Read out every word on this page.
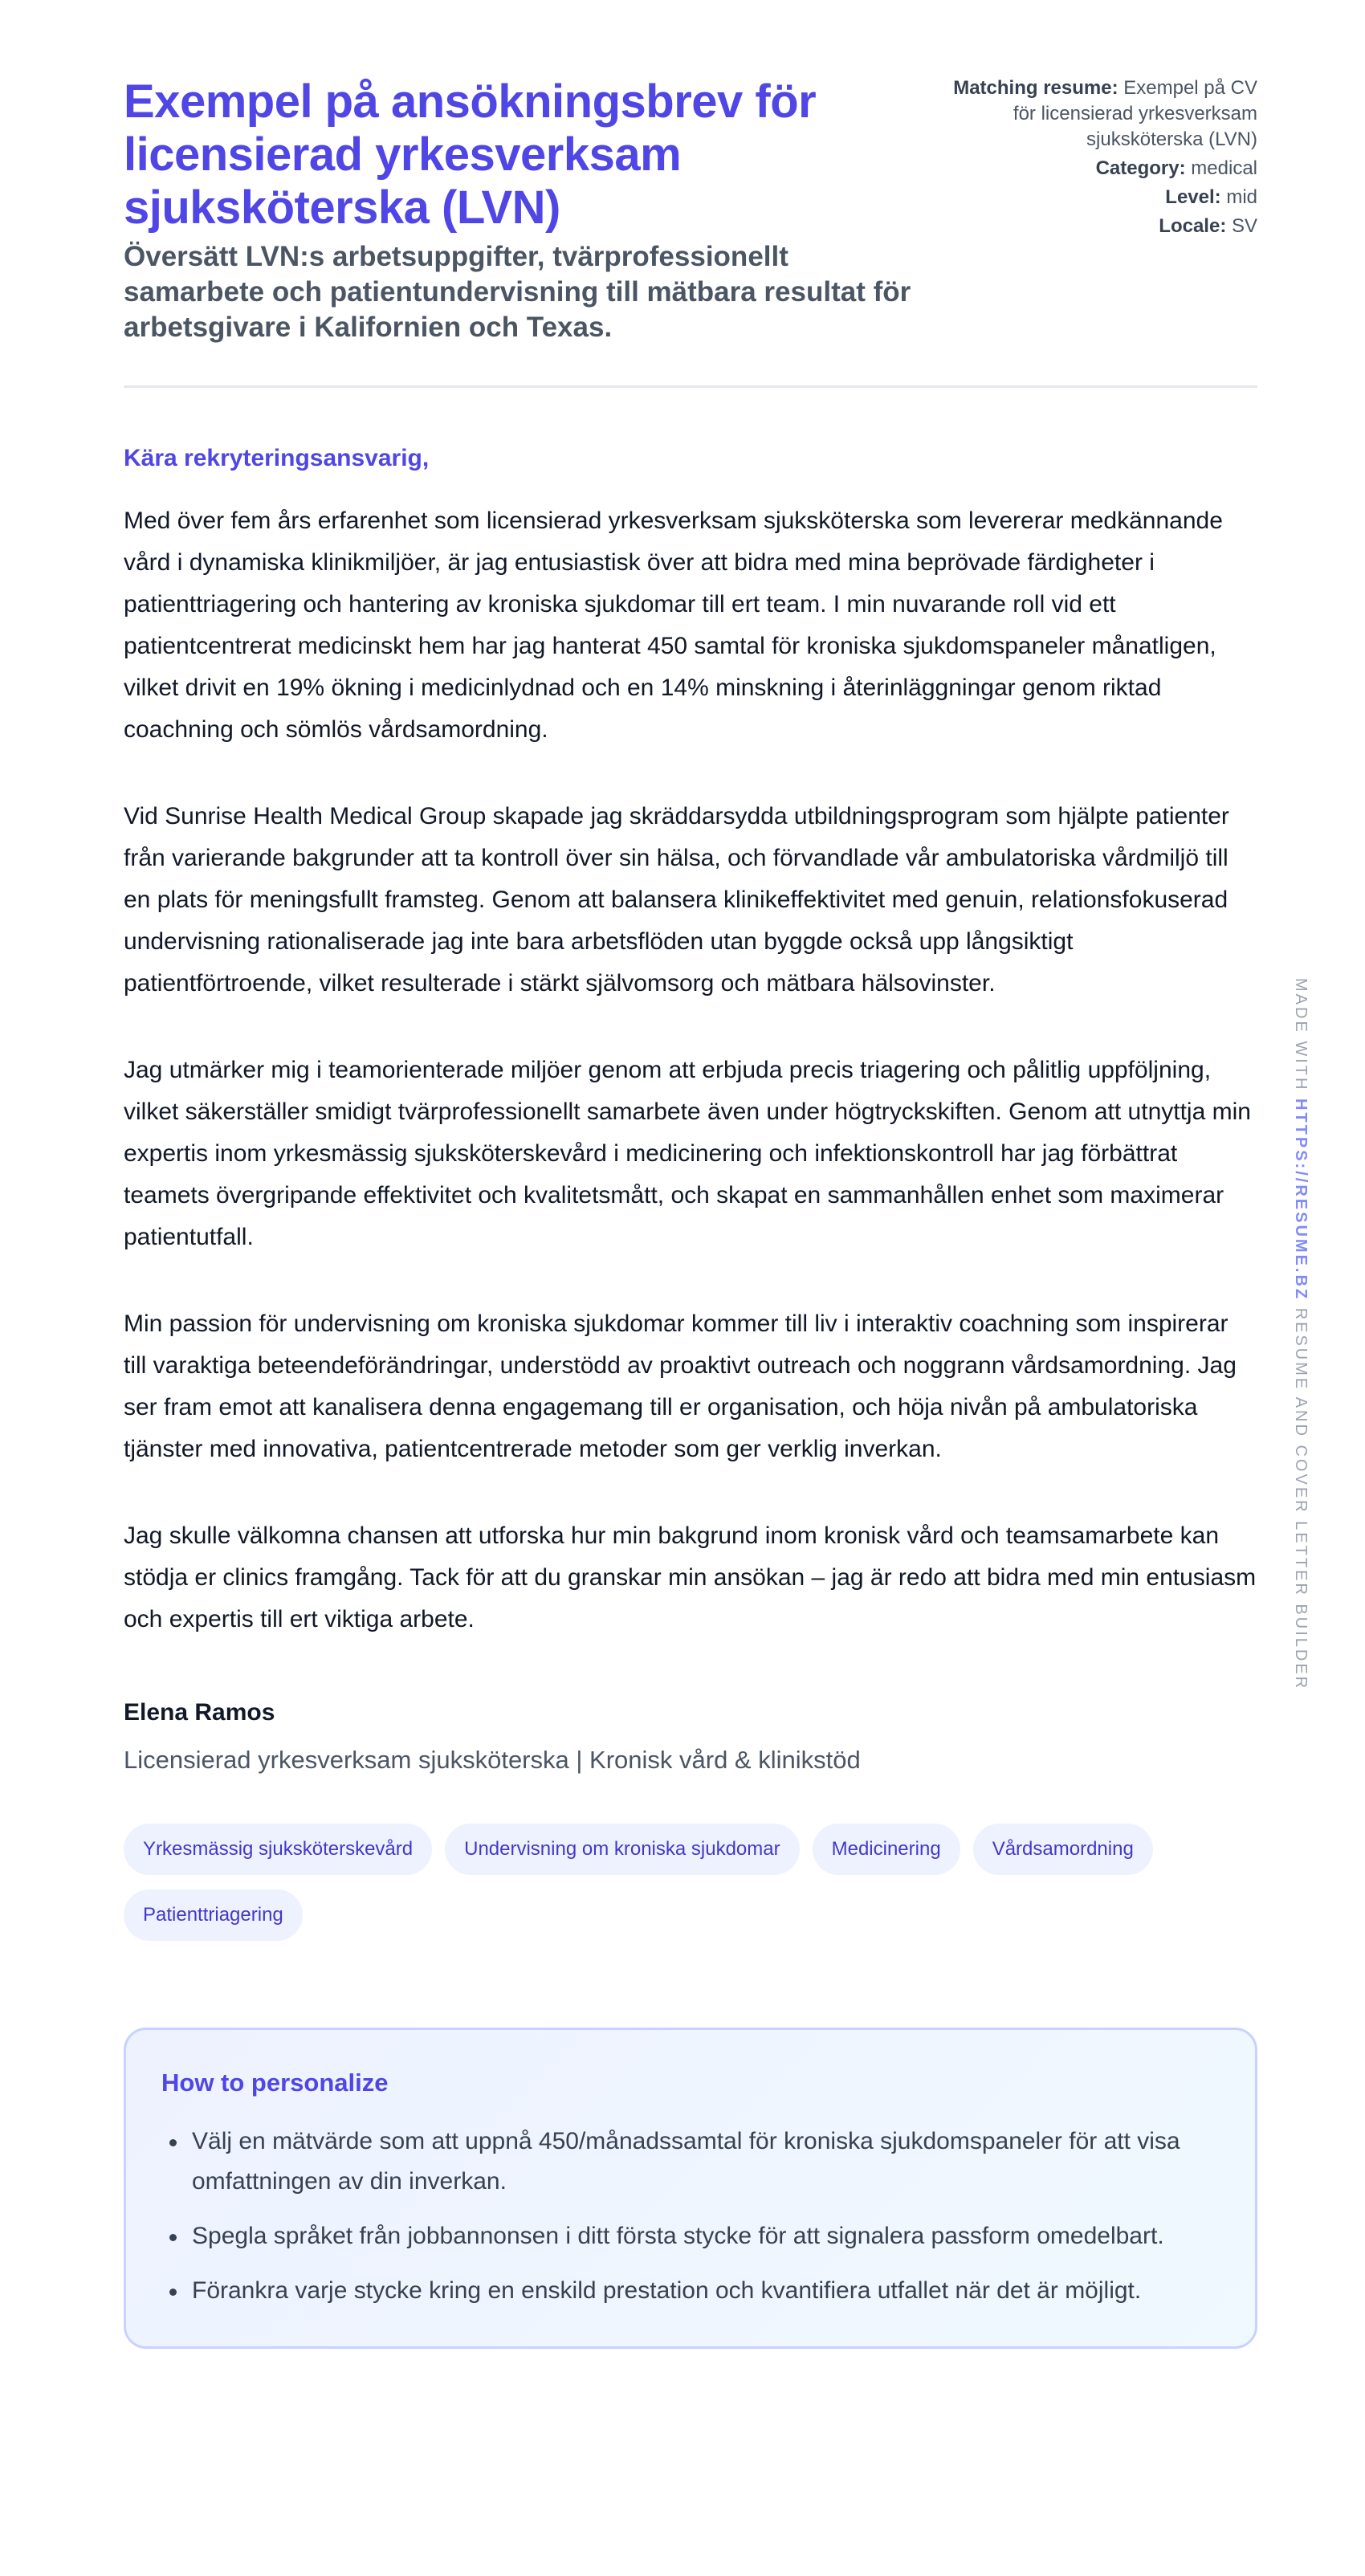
Exempel på ansökningsbrev för licensierad yrkesverksam sjuksköterska (LVN)
Översätt LVN:s arbetsuppgifter, tvärprofessionellt samarbete och patientundervisning till mätbara resultat för arbetsgivare i Kalifornien och Texas.
Matching resume: Exempel på CV för licensierad yrkesverksam sjuksköterska (LVN)
Category: medical
Level: mid
Locale: SV

Kära rekryteringsansvarig,

Med över fem års erfarenhet som licensierad yrkesverksam sjuksköterska som levererar medkännande vård i dynamiska klinikmiljöer, är jag entusiastisk över att bidra med mina beprövade färdigheter i patienttriagering och hantering av kroniska sjukdomar till ert team. I min nuvarande roll vid ett patientcentrerat medicinskt hem har jag hanterat 450 samtal för kroniska sjukdomspaneler månatligen, vilket drivit en 19% ökning i medicinlydnad och en 14% minskning i återinläggningar genom riktad coachning och sömlös vårdsamordning.

Vid Sunrise Health Medical Group skapade jag skräddarsydda utbildningsprogram som hjälpte patienter från varierande bakgrunder att ta kontroll över sin hälsa, och förvandlade vår ambulatoriska vårdmiljö till en plats för meningsfullt framsteg. Genom att balansera klinikeffektivitet med genuin, relationsfokuserad undervisning rationaliserade jag inte bara arbetsflöden utan byggde också upp långsiktigt patientförtroende, vilket resulterade i stärkt självomsorg och mätbara hälsovinster.

Jag utmärker mig i teamorienterade miljöer genom att erbjuda precis triagering och pålitlig uppföljning, vilket säkerställer smidigt tvärprofessionellt samarbete även under högtryckskiften. Genom att utnyttja min expertis inom yrkesmässig sjuksköterskevård i medicinering och infektionskontroll har jag förbättrat teamets övergripande effektivitet och kvalitetsmått, och skapat en sammanhållen enhet som maximerar patientutfall.

Min passion för undervisning om kroniska sjukdomar kommer till liv i interaktiv coachning som inspirerar till varaktiga beteendeförändringar, understödd av proaktivt outreach och noggrann vårdsamordning. Jag ser fram emot att kanalisera denna engagemang till er organisation, och höja nivån på ambulatoriska tjänster med innovativa, patientcentrerade metoder som ger verklig inverkan.

Jag skulle välkomna chansen att utforska hur min bakgrund inom kronisk vård och teamsamarbete kan stödja er clinics framgång. Tack för att du granskar min ansökan – jag är redo att bidra med min entusiasm och expertis till ert viktiga arbete.

Elena Ramos
Licensierad yrkesverksam sjuksköterska | Kronisk vård & klinikstöd
Yrkesmässig sjuksköterskevård	Undervisning om kroniska sjukdomar	Medicinering	Vårdsamordning
Patienttriagering
How to personalize
Välj en mätvärde som att uppnå 450/månadssamtal för kroniska sjukdomspaneler för att visa omfattningen av din inverkan.
Spegla språket från jobbannonsen i ditt första stycke för att signalera passform omedelbart.
Förankra varje stycke kring en enskild prestation och kvantifiera utfallet när det är möjligt.
MADE WITH HTTPS://RESUME.BZ RESUME AND COVER LETTER BUILDER
